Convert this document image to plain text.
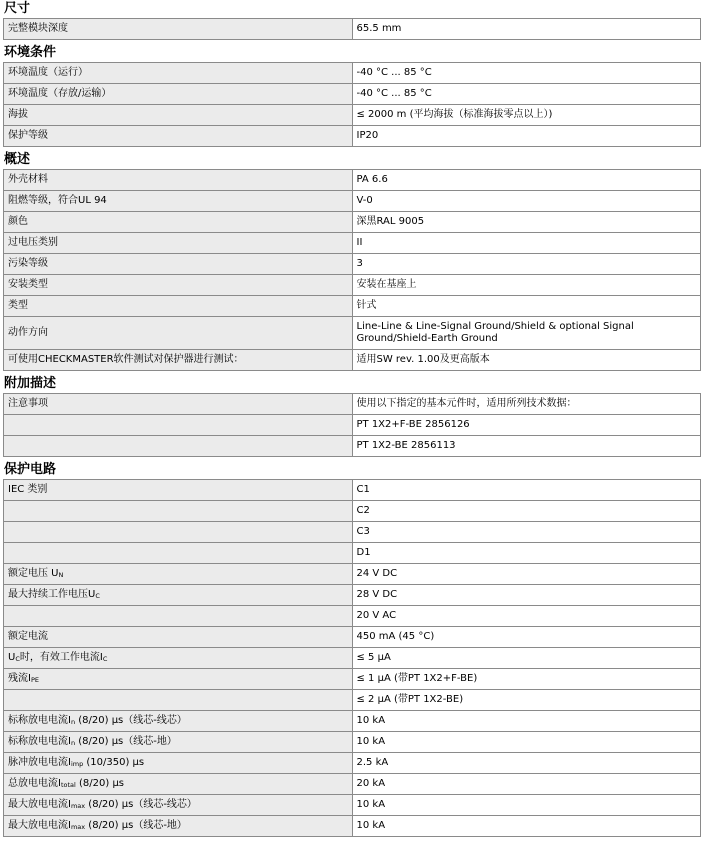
尺寸
完整模块深度	65.5 mm
环境条件
环境温度（运行）	-40 °C ... 85 °C
环境温度（存放/运输）	-40 °C ... 85 °C
海拔	≤ 2000 m (平均海拔（标准海拔零点以上）)
保护等级	IP20
概述
外壳材料	PA 6.6
阻燃等级，符合UL 94	V-0
颜色	深黑RAL 9005
过电压类别	II
污染等级	3
安装类型	安装在基座上
类型	针式
动作方向	Line-Line & Line-Signal Ground/Shield & optional Signal Ground/Shield-Earth Ground
可使用CHECKMASTER软件测试对保护器进行测试：	适用SW rev. 1.00及更高版本
附加描述
注意事项	使用以下指定的基本元件时，适用所列技术数据：
	PT 1X2+F-BE 2856126
	PT 1X2-BE 2856113
保护电路
IEC 类别	C1
	C2
	C3
	D1
额定电压 $U_N$	24 V DC
最大持续工作电压$U_C$	28 V DC
	20 V AC
额定电流	450 mA (45 °C)
$U_C$时，有效工作电流$I_C$	≤ 5 μA
残流$I_{PE}$	≤ 1 μA (带PT 1X2+F-BE)
	≤ 2 μA (带PT 1X2-BE)
标称放电电流$I_n$ (8/20) μs（线芯-线芯）	10 kA
标称放电电流$I_n$ (8/20) μs（线芯-地）	10 kA
脉冲放电电流$I_{imp}$ (10/350) μs	2.5 kA
总放电电流$I_{total}$ (8/20) μs	20 kA
最大放电电流$I_{max}$ (8/20) μs（线芯-线芯）	10 kA
最大放电电流$I_{max}$ (8/20) μs（线芯-地）	10 kA
